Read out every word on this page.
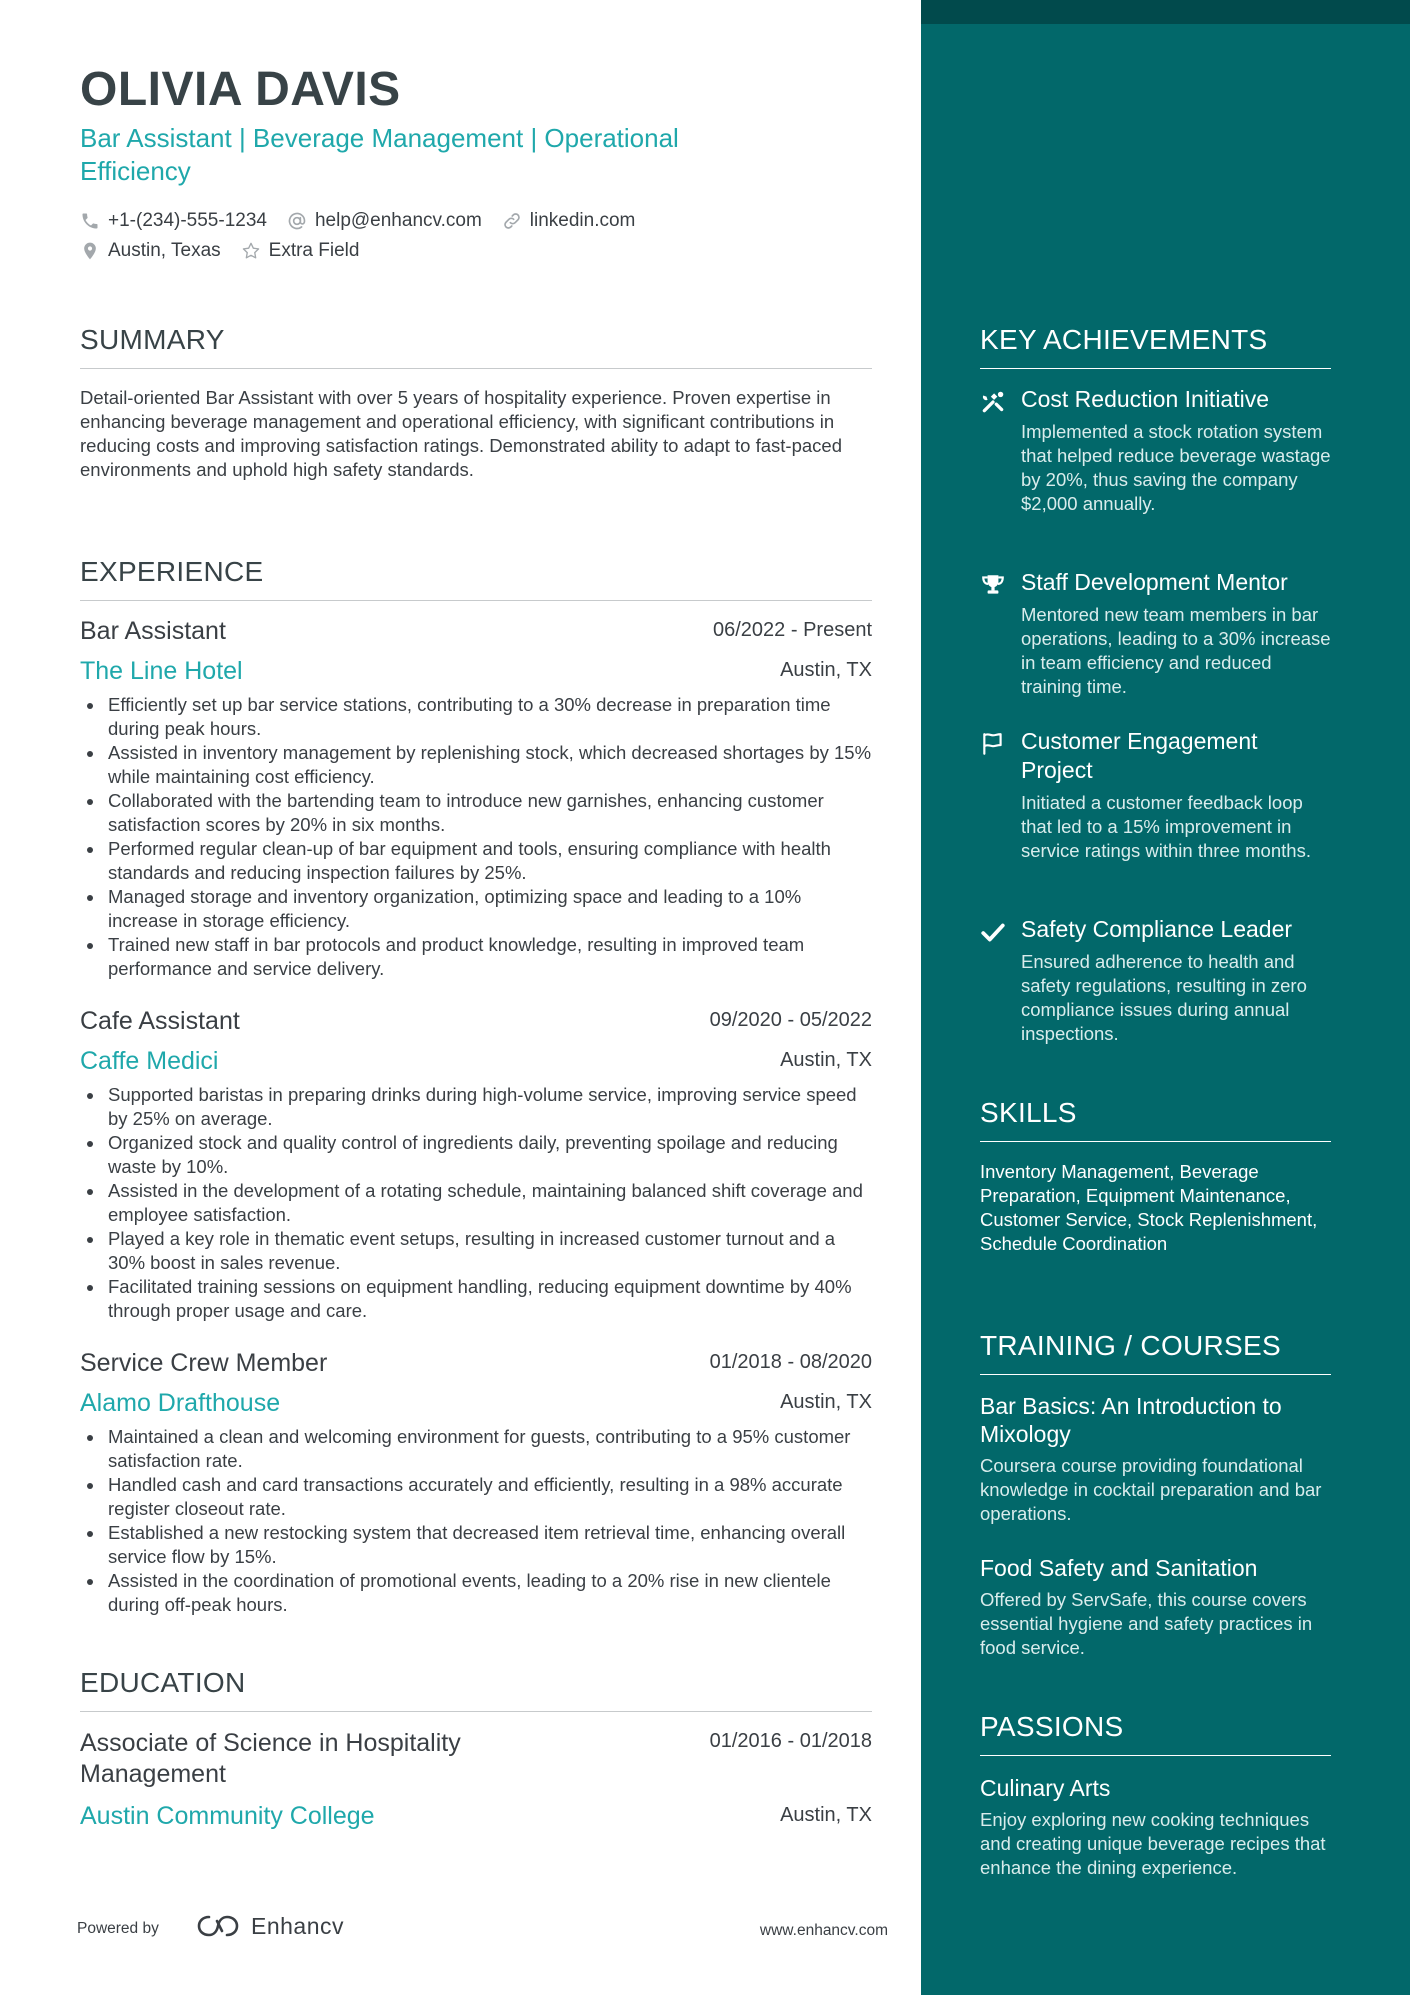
OLIVIA DAVIS
Bar Assistant | Beverage Management | Operational Efficiency
+1-(234)-555-1234	help@enhancv.com	linkedin.com
Austin, Texas	Extra Field
SUMMARY
Detail-oriented Bar Assistant with over 5 years of hospitality experience. Proven expertise in enhancing beverage management and operational efficiency, with significant contributions in reducing costs and improving satisfaction ratings. Demonstrated ability to adapt to fast-paced environments and uphold high safety standards.
EXPERIENCE
Bar Assistant	06/2022 - Present
The Line Hotel	Austin, TX
Efficiently set up bar service stations, contributing to a 30% decrease in preparation time during peak hours.
Assisted in inventory management by replenishing stock, which decreased shortages by 15% while maintaining cost efficiency.
Collaborated with the bartending team to introduce new garnishes, enhancing customer satisfaction scores by 20% in six months.
Performed regular clean-up of bar equipment and tools, ensuring compliance with health standards and reducing inspection failures by 25%.
Managed storage and inventory organization, optimizing space and leading to a 10% increase in storage efficiency.
Trained new staff in bar protocols and product knowledge, resulting in improved team performance and service delivery.
Cafe Assistant	09/2020 - 05/2022
Caffe Medici	Austin, TX
Supported baristas in preparing drinks during high-volume service, improving service speed by 25% on average.
Organized stock and quality control of ingredients daily, preventing spoilage and reducing waste by 10%.
Assisted in the development of a rotating schedule, maintaining balanced shift coverage and employee satisfaction.
Played a key role in thematic event setups, resulting in increased customer turnout and a 30% boost in sales revenue.
Facilitated training sessions on equipment handling, reducing equipment downtime by 40% through proper usage and care.
Service Crew Member	01/2018 - 08/2020
Alamo Drafthouse	Austin, TX
Maintained a clean and welcoming environment for guests, contributing to a 95% customer satisfaction rate.
Handled cash and card transactions accurately and efficiently, resulting in a 98% accurate register closeout rate.
Established a new restocking system that decreased item retrieval time, enhancing overall service flow by 15%.
Assisted in the coordination of promotional events, leading to a 20% rise in new clientele during off-peak hours.
EDUCATION
Associate of Science in Hospitality Management
01/2016 - 01/2018
Austin Community College	Austin, TX
Powered by	Enhancv	www.enhancv.com
KEY ACHIEVEMENTS
Cost Reduction Initiative
Implemented a stock rotation system that helped reduce beverage wastage by 20%, thus saving the company $2,000 annually.
Staff Development Mentor
Mentored new team members in bar operations, leading to a 30% increase in team efficiency and reduced training time.
Customer Engagement Project
Initiated a customer feedback loop that led to a 15% improvement in service ratings within three months.
Safety Compliance Leader
Ensured adherence to health and safety regulations, resulting in zero compliance issues during annual inspections.
SKILLS
Inventory Management, Beverage Preparation, Equipment Maintenance, Customer Service, Stock Replenishment, Schedule Coordination
TRAINING / COURSES
Bar Basics: An Introduction to Mixology
Coursera course providing foundational knowledge in cocktail preparation and bar operations.
Food Safety and Sanitation
Offered by ServSafe, this course covers essential hygiene and safety practices in food service.
PASSIONS
Culinary Arts
Enjoy exploring new cooking techniques and creating unique beverage recipes that enhance the dining experience.
